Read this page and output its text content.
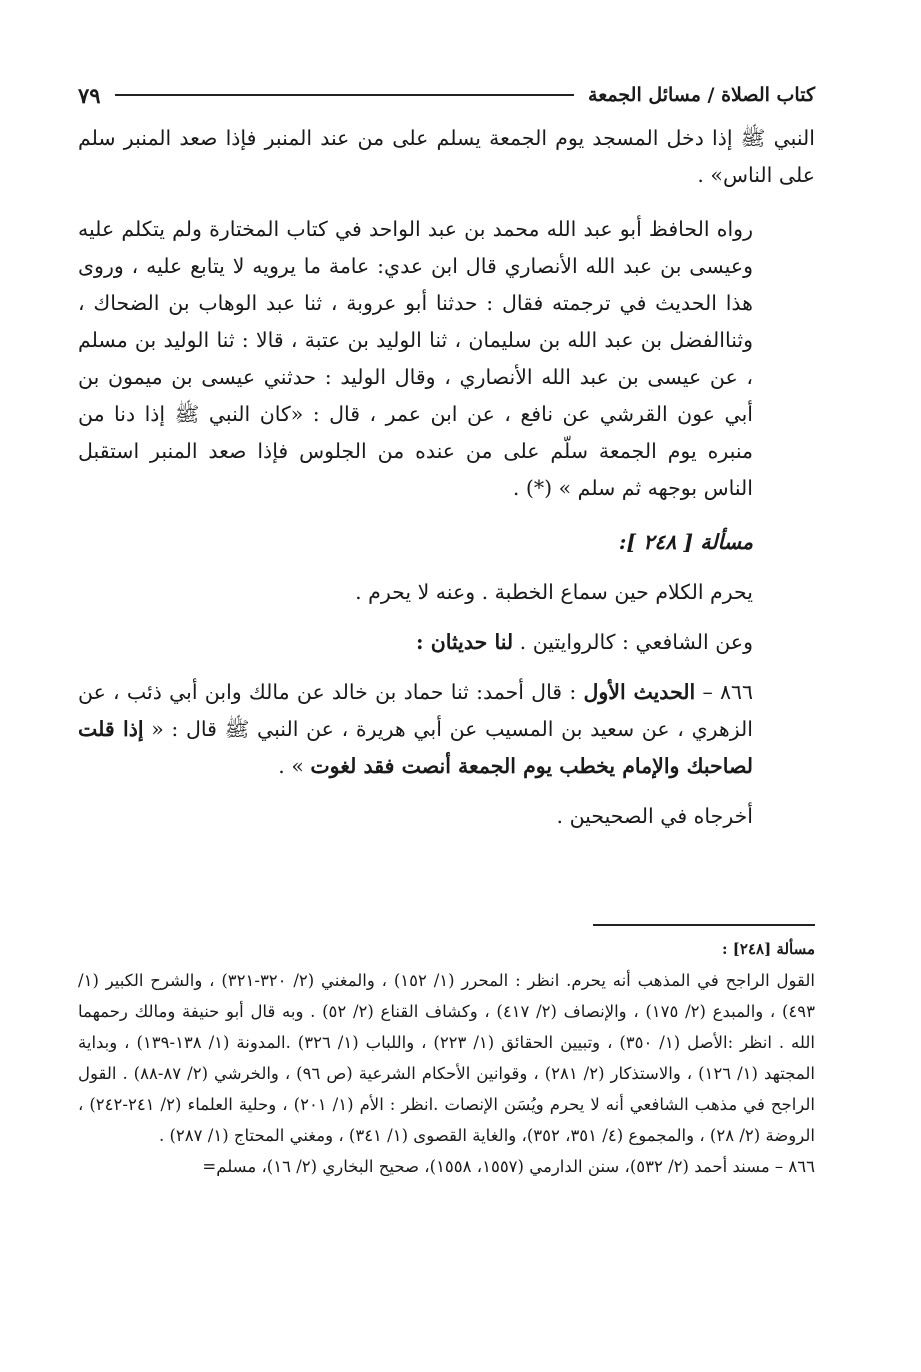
كتاب الصلاة / مسائل الجمعة
٧٩

النبي ﷺ إذا دخل المسجد يوم الجمعة يسلم على من عند المنبر فإذا صعد المنبر سلم على الناس» .

رواه الحافظ أبو عبد الله محمد بن عبد الواحد في كتاب المختارة ولم يتكلم عليه وعيسى بن عبد الله الأنصاري قال ابن عدي: عامة ما يرويه لا يتابع عليه ، وروى هذا الحديث في ترجمته فقال : حدثنا أبو عروبة ، ثنا عبد الوهاب بن الضحاك ، وثناالفضل بن عبد الله بن سليمان ، ثنا الوليد بن عتبة ، قالا : ثنا الوليد بن مسلم ، عن عيسى بن عبد الله الأنصاري ، وقال الوليد : حدثني عيسى بن ميمون بن أبي عون القرشي عن نافع ، عن ابن عمر ، قال : «كان النبي ﷺ إذا دنا من منبره يوم الجمعة سلّم على من عنده من الجلوس فإذا صعد المنبر استقبل الناس بوجهه ثم سلم » (*) .

مسألة [ ٢٤٨ ]:

يحرم الكلام حين سماع الخطبة . وعنه لا يحرم .

وعن الشافعي : كالروايتين . لنا حديثان :

٨٦٦ – الحديث الأول : قال أحمد: ثنا حماد بن خالد عن مالك وابن أبي ذئب ، عن الزهري ، عن سعيد بن المسيب عن أبي هريرة ، عن النبي ﷺ قال : « إذا قلت لصاحبك والإمام يخطب يوم الجمعة أنصت فقد لغوت » .

أخرجاه في الصحيحين .

مسألة [٢٤٨] :

القول الراجح في المذهب أنه يحرم. انظر : المحرر (١/ ١٥٢) ، والمغني (٢/ ٣٢٠-٣٢١) ، والشرح الكبير (١/ ٤٩٣) ، والمبدع (٢/ ١٧٥) ، والإنصاف (٢/ ٤١٧) ، وكشاف القناع (٢/ ٥٢) . وبه قال أبو حنيفة ومالك رحمهما الله . انظر :الأصل (١/ ٣٥٠) ، وتبيين الحقائق (١/ ٢٢٣) ، واللباب (١/ ٣٢٦) .المدونة (١/ ١٣٨-١٣٩) ، وبداية المجتهد (١/ ١٢٦) ، والاستذكار (٢/ ٢٨١) ، وقوانين الأحكام الشرعية (ص ٩٦) ، والخرشي (٢/ ٨٧-٨٨) . القول الراجح في مذهب الشافعي أنه لا يحرم ويُسَن الإنصات .انظر : الأم (١/ ٢٠١) ، وحلية العلماء (٢/ ٢٤١-٢٤٢) ، الروضة (٢/ ٢٨) ، والمجموع (٤/ ٣٥١، ٣٥٢)، والغاية القصوى (١/ ٣٤١) ، ومغني المحتاج (١/ ٢٨٧) .

٨٦٦ – مسند أحمد (٢/ ٥٣٢)، سنن الدارمي (١٥٥٧، ١٥٥٨)، صحيح البخاري (٢/ ١٦)، مسلم=
